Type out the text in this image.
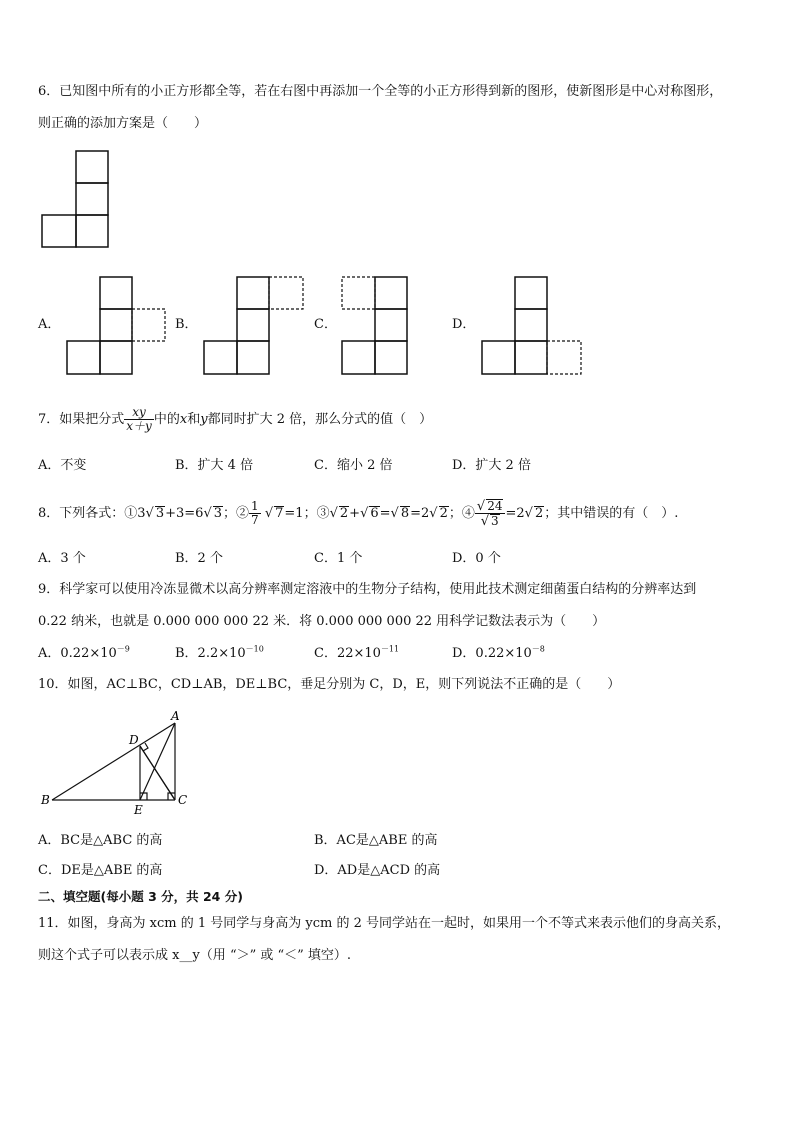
6．已知图中所有的小正方形都全等，若在右图中再添加一个全等的小正方形得到新的图形，使新图形是中心对称图形，
则正确的添加方案是（　　）
A．	B．	C．	D．
7．如果把分式 $\frac{xy}{x+y}$ 中的x和y都同时扩大 2 倍，那么分式的值（　）
A．不变	B．扩大 4 倍	C．缩小 2 倍	D．扩大 2 倍
8．下列各式：①3√ 3+3=6√ 3；② $\frac{1}{7}$ √ 7=1；③√ 2+√ 6=√ 8=2√ 2；④ $\frac{√ 24}{√ 3} =2√$ 2；其中错误的有（　）.
A．3 个	B．2 个	C．1 个	D．0 个
9．科学家可以使用冷冻显微术以高分辨率测定溶液中的生物分子结构，使用此技术测定细菌蛋白结构的分辨率达到
0.22 纳米，也就是 0.000 000 000 22 米．将 0.000 000 000 22 用科学记数法表示为（　　）
A．$0.22\times 10^{-9}$	B．$2.2\times 10^{-10}$	C．$22\times 10^{-11}$	D．$0.22\times 10^{-8}$
10．如图，AC⊥BC，CD⊥AB，DE⊥BC，垂足分别为 C，D，E，则下列说法不正确的是（　　）
A
B	C
D
E
A．BC是△ABC 的高	B．AC是△ABE 的高
C．DE是△ABE 的高	D．AD是△ACD 的高
二、填空题(每小题 3 分，共 24 分)
11．如图，身高为 xcm 的 1 号同学与身高为 ycm 的 2 号同学站在一起时，如果用一个不等式来表示他们的身高关系，
则这个式子可以表示成 x__y（用 “＞” 或 “＜” 填空）.
